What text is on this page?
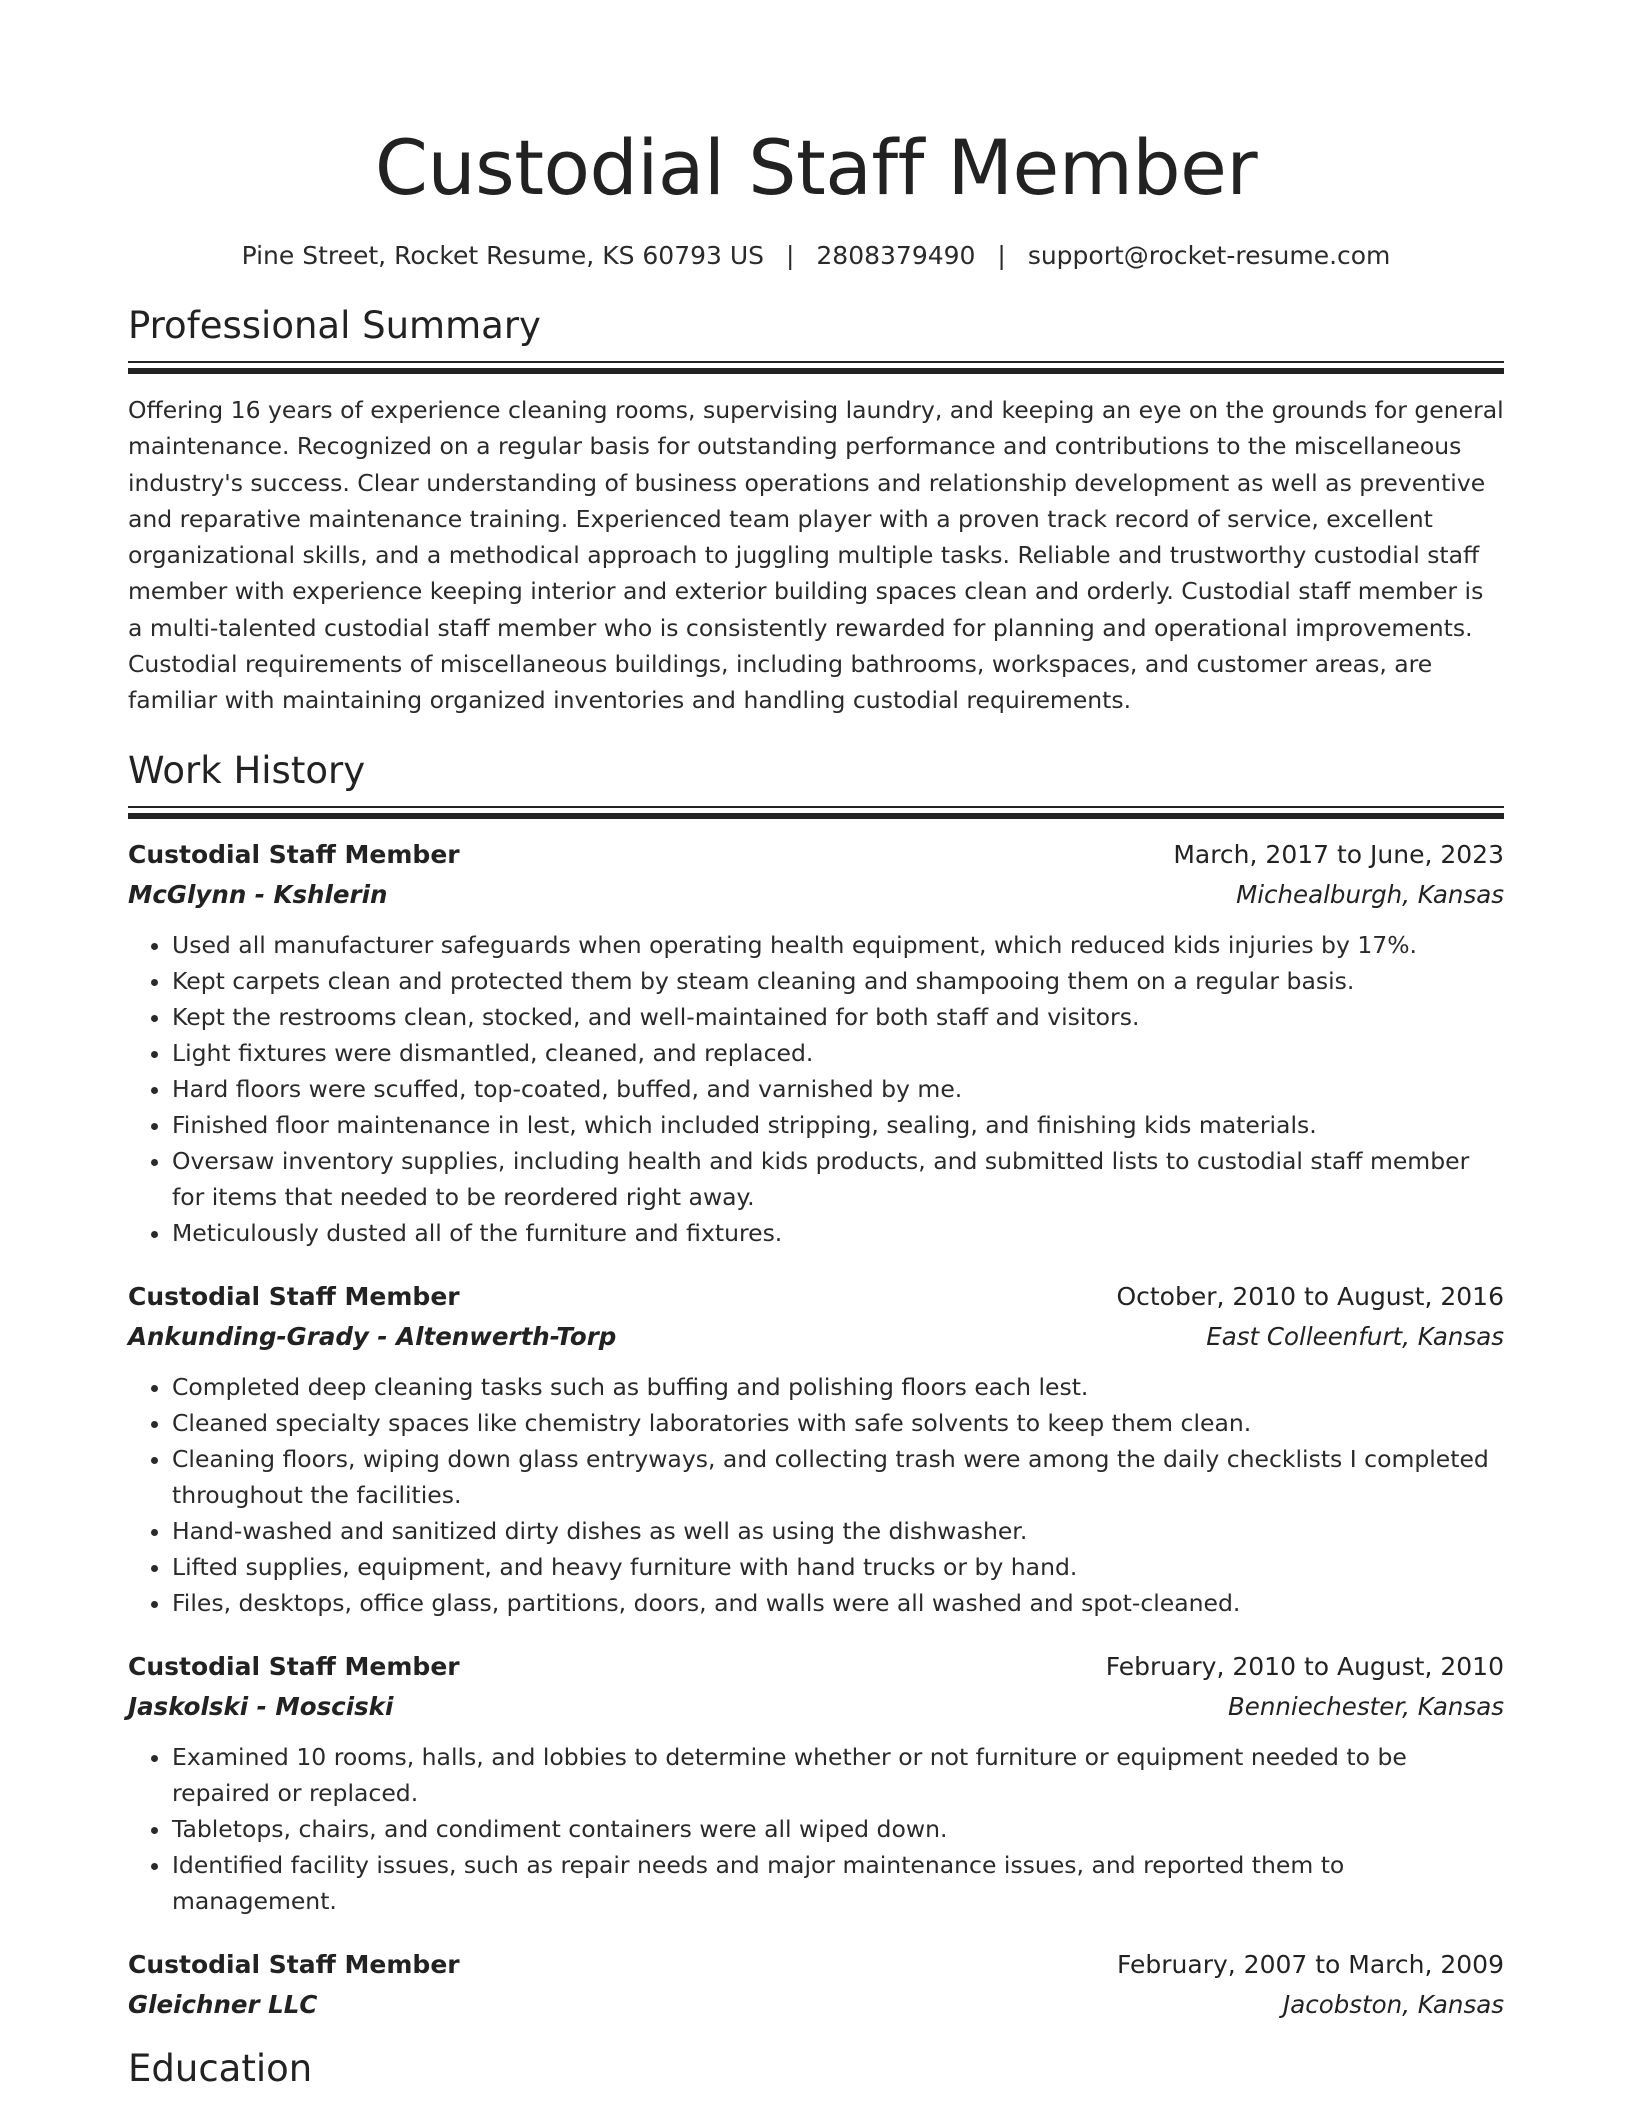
Custodial Staff Member
Pine Street, Rocket Resume, KS 60793 US | 2808379490 | support@rocket-resume.com
Professional Summary

Offering 16 years of experience cleaning rooms, supervising laundry, and keeping an eye on the grounds for general maintenance. Recognized on a regular basis for outstanding performance and contributions to the miscellaneous industry's success. Clear understanding of business operations and relationship development as well as preventive and reparative maintenance training. Experienced team player with a proven track record of service, excellent organizational skills, and a methodical approach to juggling multiple tasks. Reliable and trustworthy custodial staff member with experience keeping interior and exterior building spaces clean and orderly. Custodial staff member is a multi-talented custodial staff member who is consistently rewarded for planning and operational improvements. Custodial requirements of miscellaneous buildings, including bathrooms, workspaces, and customer areas, are familiar with maintaining organized inventories and handling custodial requirements.

Work History
Custodial Staff Member	March, 2017 to June, 2023
McGlynn - Kshlerin	Michealburgh, Kansas
• Used all manufacturer safeguards when operating health equipment, which reduced kids injuries by 17%.
• Kept carpets clean and protected them by steam cleaning and shampooing them on a regular basis.
• Kept the restrooms clean, stocked, and well-maintained for both staff and visitors.
• Light fixtures were dismantled, cleaned, and replaced.
• Hard floors were scuffed, top-coated, buffed, and varnished by me.
• Finished floor maintenance in lest, which included stripping, sealing, and finishing kids materials.
• Oversaw inventory supplies, including health and kids products, and submitted lists to custodial staff member for items that needed to be reordered right away.
• Meticulously dusted all of the furniture and fixtures.
Custodial Staff Member	October, 2010 to August, 2016
Ankunding-Grady - Altenwerth-Torp	East Colleenfurt, Kansas
• Completed deep cleaning tasks such as buffing and polishing floors each lest.
• Cleaned specialty spaces like chemistry laboratories with safe solvents to keep them clean.
• Cleaning floors, wiping down glass entryways, and collecting trash were among the daily checklists I completed throughout the facilities.
• Hand-washed and sanitized dirty dishes as well as using the dishwasher.
• Lifted supplies, equipment, and heavy furniture with hand trucks or by hand.
• Files, desktops, office glass, partitions, doors, and walls were all washed and spot-cleaned.
Custodial Staff Member	February, 2010 to August, 2010
Jaskolski - Mosciski	Benniechester, Kansas
• Examined 10 rooms, halls, and lobbies to determine whether or not furniture or equipment needed to be repaired or replaced.
• Tabletops, chairs, and condiment containers were all wiped down.
• Identified facility issues, such as repair needs and major maintenance issues, and reported them to management.
Custodial Staff Member	February, 2007 to March, 2009
Gleichner LLC	Jacobston, Kansas
Education
